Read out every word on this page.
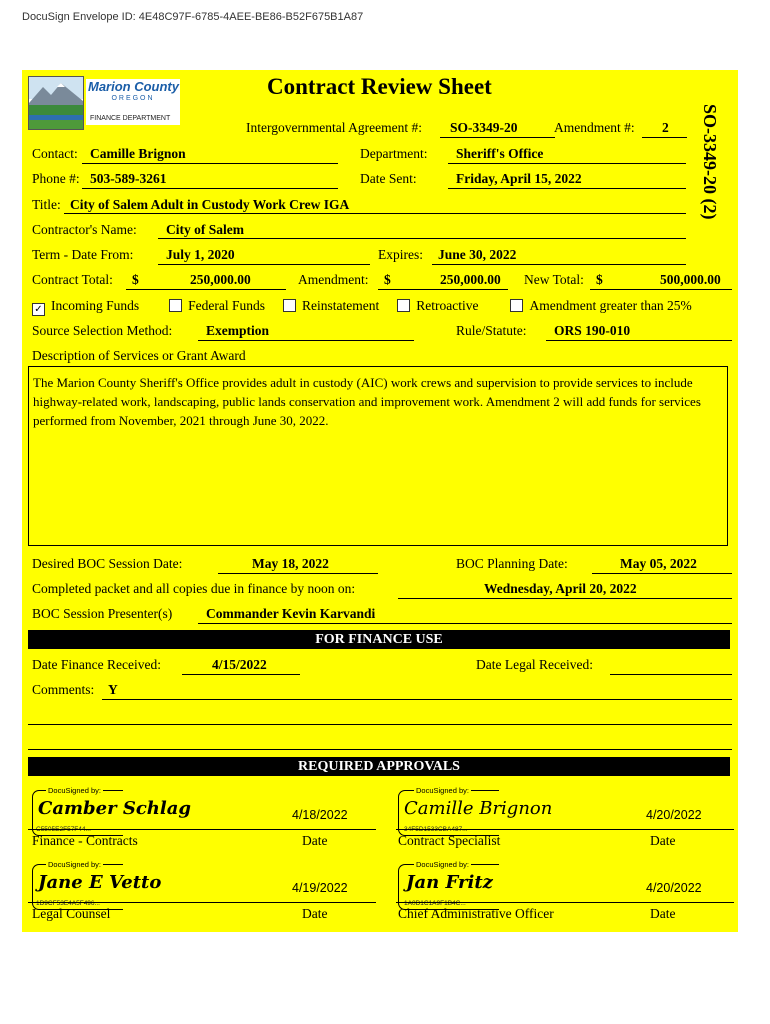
DocuSign Envelope ID: 4E48C97F-6785-4AEE-BE86-B52F675B1A87
Marion County
OREGON
FINANCE DEPARTMENT
Contract Review Sheet
SO-3349-20 (2)
Intergovernmental Agreement #: SO-3349-20	Amendment #: 2
Contact: Camille Brignon	Department: Sheriff's Office
Phone #: 503-589-3261	Date Sent:	Friday, April 15, 2022
Title: City of Salem Adult in Custody Work Crew IGA
Contractor's Name: City of Salem
Term - Date From: July 1, 2020	Expires: June 30, 2022
Contract Total: $	250,000.00	Amendment: $	250,000.00 New Total: $	500,000.00
✓ Incoming Funds	Federal Funds	Reinstatement	Retroactive	Amendment greater than 25%
Source Selection Method:	Exemption	Rule/Statute: ORS 190-010
Description of Services or Grant Award
The Marion County Sheriff's Office provides adult in custody (AIC) work crews and supervision to provide services to include highway-related work, landscaping, public lands conservation and improvement work. Amendment 2 will add funds for services performed from November, 2021 through June 30, 2022.
Desired BOC Session Date:	May 18, 2022	BOC Planning Date:	May 05, 2022
Completed packet and all copies due in finance by noon on:	Wednesday, April 20, 2022
BOC Session Presenter(s)	Commander Kevin Karvandi
FOR FINANCE USE
Date Finance Received:	4/15/2022	Date Legal Received:
Comments: Y
REQUIRED APPROVALS
DocuSigned by:
Camber Schlag
C5505E2F57F44...
4/18/2022
Finance - Contracts	Date
DocuSigned by:
Camille Brignon
34F5D1533CBA487...
4/20/2022
Contract Specialist	Date
DocuSigned by:
Jane E Vetto
1D9CF53E4A5F496...
4/19/2022
Legal Counsel	Date
DocuSigned by:
Jan Fritz
1A0D1C1A9F1B4C...
4/20/2022
Chief Administrative Officer	Date
